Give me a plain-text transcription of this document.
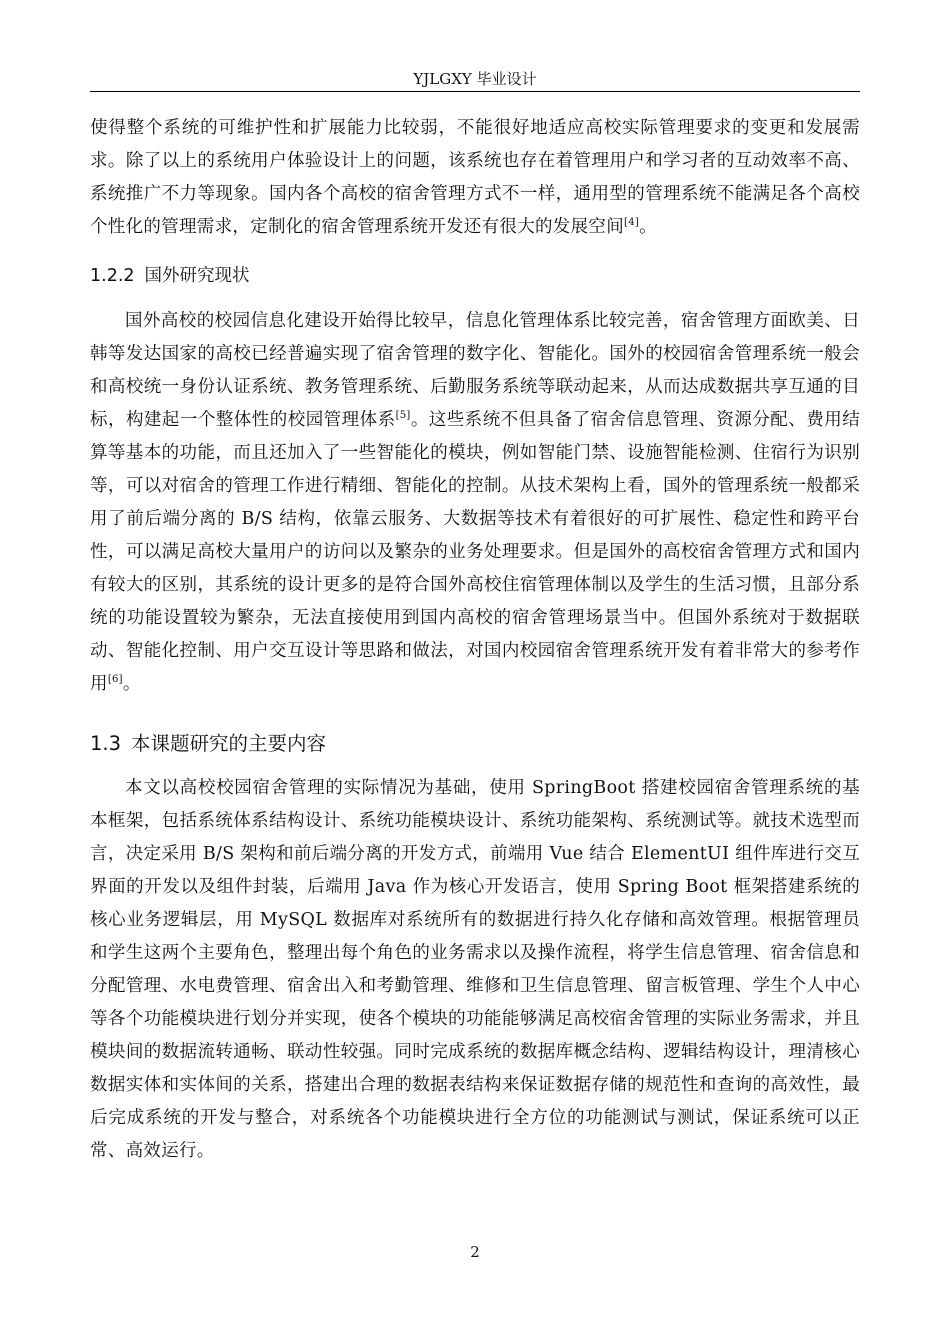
YJLGXY 毕业设计

使得整个系统的可维护性和扩展能力比较弱，不能很好地适应高校实际管理要求的变更和发展需求。除了以上的系统用户体验设计上的问题，该系统也存在着管理用户和学习者的互动效率不高、系统推广不力等现象。国内各个高校的宿舍管理方式不一样，通用型的管理系统不能满足各个高校个性化的管理需求，定制化的宿舍管理系统开发还有很大的发展空间[4]。

1.2.2 国外研究现状

国外高校的校园信息化建设开始得比较早，信息化管理体系比较完善，宿舍管理方面欧美、日韩等发达国家的高校已经普遍实现了宿舍管理的数字化、智能化。国外的校园宿舍管理系统一般会和高校统一身份认证系统、教务管理系统、后勤服务系统等联动起来，从而达成数据共享互通的目标，构建起一个整体性的校园管理体系[5]。这些系统不但具备了宿舍信息管理、资源分配、费用结算等基本的功能，而且还加入了一些智能化的模块，例如智能门禁、设施智能检测、住宿行为识别等，可以对宿舍的管理工作进行精细、智能化的控制。从技术架构上看，国外的管理系统一般都采用了前后端分离的 B/S 结构，依靠云服务、大数据等技术有着很好的可扩展性、稳定性和跨平台性，可以满足高校大量用户的访问以及繁杂的业务处理要求。但是国外的高校宿舍管理方式和国内有较大的区别，其系统的设计更多的是符合国外高校住宿管理体制以及学生的生活习惯，且部分系统的功能设置较为繁杂，无法直接使用到国内高校的宿舍管理场景当中。但国外系统对于数据联动、智能化控制、用户交互设计等思路和做法，对国内校园宿舍管理系统开发有着非常大的参考作用[6]。

1.3 本课题研究的主要内容

本文以高校校园宿舍管理的实际情况为基础，使用 SpringBoot 搭建校园宿舍管理系统的基本框架，包括系统体系结构设计、系统功能模块设计、系统功能架构、系统测试等。就技术选型而言，决定采用 B/S 架构和前后端分离的开发方式，前端用 Vue 结合 ElementUI 组件库进行交互界面的开发以及组件封装，后端用 Java 作为核心开发语言，使用 Spring Boot 框架搭建系统的核心业务逻辑层，用 MySQL 数据库对系统所有的数据进行持久化存储和高效管理。根据管理员和学生这两个主要角色，整理出每个角色的业务需求以及操作流程，将学生信息管理、宿舍信息和分配管理、水电费管理、宿舍出入和考勤管理、维修和卫生信息管理、留言板管理、学生个人中心等各个功能模块进行划分并实现，使各个模块的功能能够满足高校宿舍管理的实际业务需求，并且模块间的数据流转通畅、联动性较强。同时完成系统的数据库概念结构、逻辑结构设计，理清核心数据实体和实体间的关系，搭建出合理的数据表结构来保证数据存储的规范性和查询的高效性，最后完成系统的开发与整合，对系统各个功能模块进行全方位的功能测试与测试，保证系统可以正常、高效运行。

2
